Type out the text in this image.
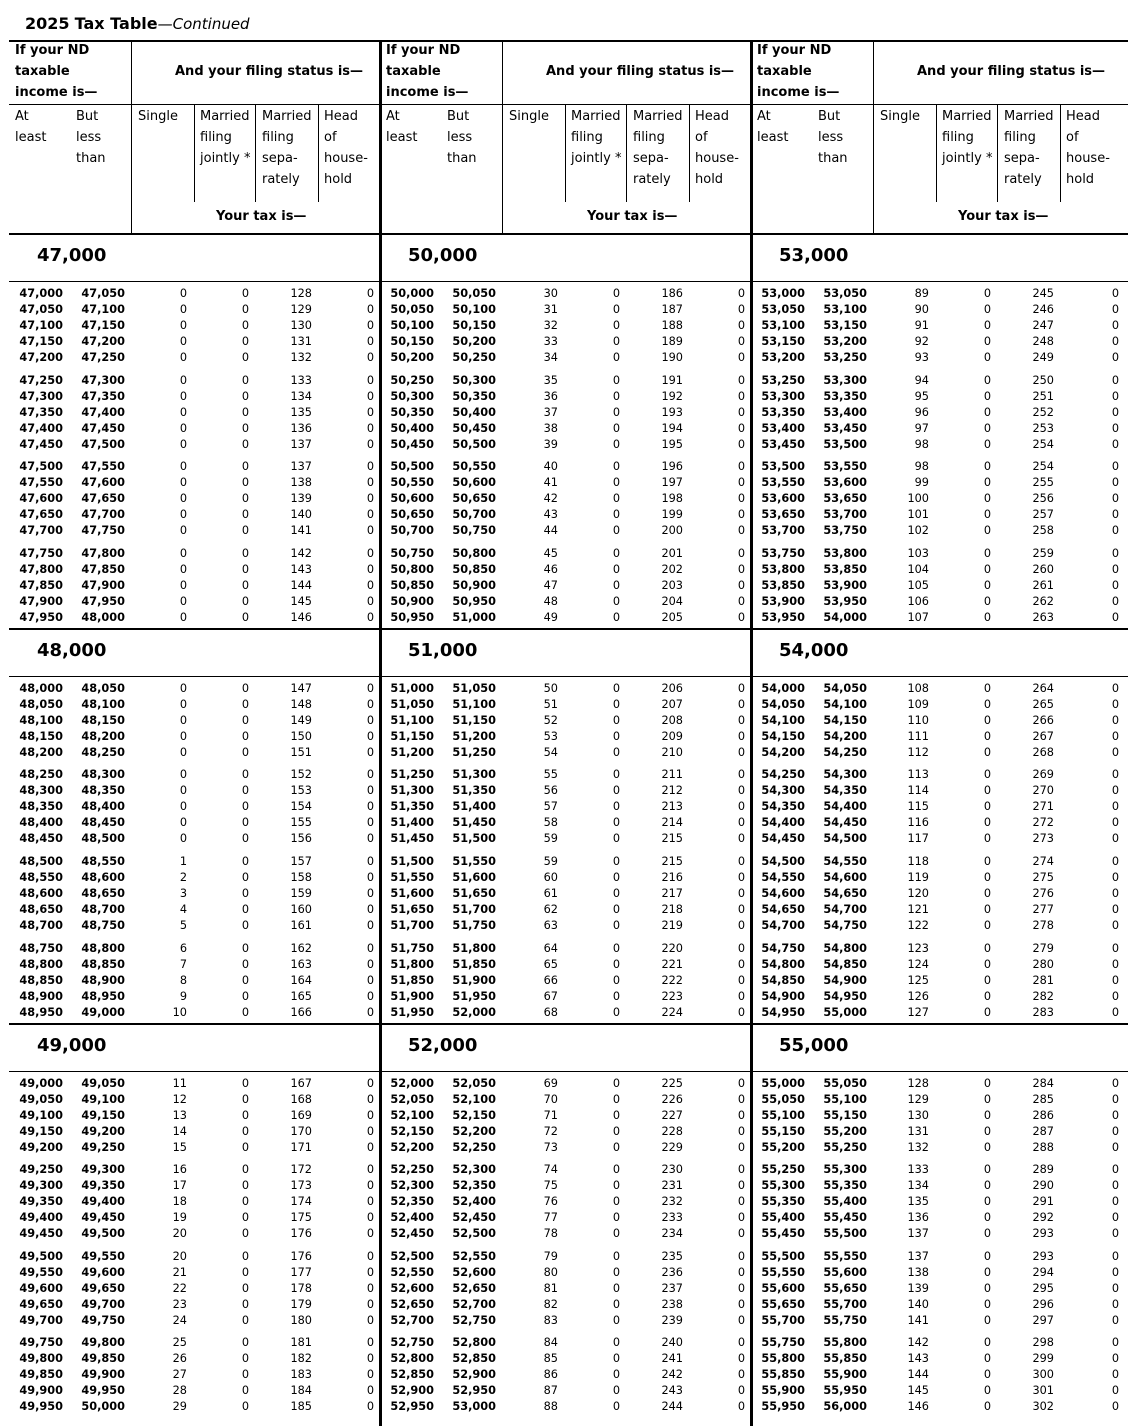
2025 Tax Table—Continued
If your ND
taxable
income is—
And your filing status is—
At
least
But
less
than
Single Married
filing
jointly *
Married
filing
sepa-
rately
Head
of
house-
hold
Your tax is—
47,000
47,000 47,050	0	0	128	0
47,050 47,100	0	0	129	0
47,100 47,150	0	0	130	0
47,150 47,200	0	0	131	0
47,200 47,250	0	0	132	0
47,250 47,300	0	0	133	0
47,300 47,350	0	0	134	0
47,350 47,400	0	0	135	0
47,400 47,450	0	0	136	0
47,450 47,500	0	0	137	0
47,500 47,550	0	0	137	0
47,550 47,600	0	0	138	0
47,600 47,650	0	0	139	0
47,650 47,700	0	0	140	0
47,700 47,750	0	0	141	0
47,750 47,800	0	0	142	0
47,800 47,850	0	0	143	0
47,850 47,900	0	0	144	0
47,900 47,950	0	0	145	0
47,950 48,000	0	0	146	0
48,000
48,000 48,050	0	0	147	0
48,050 48,100	0	0	148	0
48,100 48,150	0	0	149	0
48,150 48,200	0	0	150	0
48,200 48,250	0	0	151	0
48,250 48,300	0	0	152	0
48,300 48,350	0	0	153	0
48,350 48,400	0	0	154	0
48,400 48,450	0	0	155	0
48,450 48,500	0	0	156	0
48,500 48,550	1	0	157	0
48,550 48,600	2	0	158	0
48,600 48,650	3	0	159	0
48,650 48,700	4	0	160	0
48,700 48,750	5	0	161	0
48,750 48,800	6	0	162	0
48,800 48,850	7	0	163	0
48,850 48,900	8	0	164	0
48,900 48,950	9	0	165	0
48,950 49,000	10	0	166	0
49,000
49,000 49,050	11	0	167	0
49,050 49,100	12	0	168	0
49,100 49,150	13	0	169	0
49,150 49,200	14	0	170	0
49,200 49,250	15	0	171	0
49,250 49,300	16	0	172	0
49,300 49,350	17	0	173	0
49,350 49,400	18	0	174	0
49,400 49,450	19	0	175	0
49,450 49,500	20	0	176	0
49,500 49,550	20	0	176	0
49,550 49,600	21	0	177	0
49,600 49,650	22	0	178	0
49,650 49,700	23	0	179	0
49,700 49,750	24	0	180	0
49,750 49,800	25	0	181	0
49,800 49,850	26	0	182	0
49,850 49,900	27	0	183	0
49,900 49,950	28	0	184	0
49,950 50,000	29	0	185	0
If your ND
taxable
income is—
And your filing status is—
At
least
But
less
than
Single Married
filing
jointly *
Married
filing
sepa-
rately
Head
of
house-
hold
Your tax is—
50,000
50,000 50,050	30	0	186	0
50,050 50,100	31	0	187	0
50,100 50,150	32	0	188	0
50,150 50,200	33	0	189	0
50,200 50,250	34	0	190	0
50,250 50,300	35	0	191	0
50,300 50,350	36	0	192	0
50,350 50,400	37	0	193	0
50,400 50,450	38	0	194	0
50,450 50,500	39	0	195	0
50,500 50,550	40	0	196	0
50,550 50,600	41	0	197	0
50,600 50,650	42	0	198	0
50,650 50,700	43	0	199	0
50,700 50,750	44	0	200	0
50,750 50,800	45	0	201	0
50,800 50,850	46	0	202	0
50,850 50,900	47	0	203	0
50,900 50,950	48	0	204	0
50,950 51,000	49	0	205	0
51,000
51,000 51,050	50	0	206	0
51,050 51,100	51	0	207	0
51,100 51,150	52	0	208	0
51,150 51,200	53	0	209	0
51,200 51,250	54	0	210	0
51,250 51,300	55	0	211	0
51,300 51,350	56	0	212	0
51,350 51,400	57	0	213	0
51,400 51,450	58	0	214	0
51,450 51,500	59	0	215	0
51,500 51,550	59	0	215	0
51,550 51,600	60	0	216	0
51,600 51,650	61	0	217	0
51,650 51,700	62	0	218	0
51,700 51,750	63	0	219	0
51,750 51,800	64	0	220	0
51,800 51,850	65	0	221	0
51,850 51,900	66	0	222	0
51,900 51,950	67	0	223	0
51,950 52,000	68	0	224	0
52,000
52,000 52,050	69	0	225	0
52,050 52,100	70	0	226	0
52,100 52,150	71	0	227	0
52,150 52,200	72	0	228	0
52,200 52,250	73	0	229	0
52,250 52,300	74	0	230	0
52,300 52,350	75	0	231	0
52,350 52,400	76	0	232	0
52,400 52,450	77	0	233	0
52,450 52,500	78	0	234	0
52,500 52,550	79	0	235	0
52,550 52,600	80	0	236	0
52,600 52,650	81	0	237	0
52,650 52,700	82	0	238	0
52,700 52,750	83	0	239	0
52,750 52,800	84	0	240	0
52,800 52,850	85	0	241	0
52,850 52,900	86	0	242	0
52,900 52,950	87	0	243	0
52,950 53,000	88	0	244	0
If your ND
taxable
income is—
And your filing status is—
At
least
But
less
than
Single Married
filing
jointly *
Married
filing
sepa-
rately
Head
of
house-
hold
Your tax is—
53,000
53,000 53,050	89	0	245	0
53,050 53,100	90	0	246	0
53,100 53,150	91	0	247	0
53,150 53,200	92	0	248	0
53,200 53,250	93	0	249	0
53,250 53,300	94	0	250	0
53,300 53,350	95	0	251	0
53,350 53,400	96	0	252	0
53,400 53,450	97	0	253	0
53,450 53,500	98	0	254	0
53,500 53,550	98	0	254	0
53,550 53,600	99	0	255	0
53,600 53,650	100	0	256	0
53,650 53,700	101	0	257	0
53,700 53,750	102	0	258	0
53,750 53,800	103	0	259	0
53,800 53,850	104	0	260	0
53,850 53,900	105	0	261	0
53,900 53,950	106	0	262	0
53,950 54,000	107	0	263	0
54,000
54,000 54,050	108	0	264	0
54,050 54,100	109	0	265	0
54,100 54,150	110	0	266	0
54,150 54,200	111	0	267	0
54,200 54,250	112	0	268	0
54,250 54,300	113	0	269	0
54,300 54,350	114	0	270	0
54,350 54,400	115	0	271	0
54,400 54,450	116	0	272	0
54,450 54,500	117	0	273	0
54,500 54,550	118	0	274	0
54,550 54,600	119	0	275	0
54,600 54,650	120	0	276	0
54,650 54,700	121	0	277	0
54,700 54,750	122	0	278	0
54,750 54,800	123	0	279	0
54,800 54,850	124	0	280	0
54,850 54,900	125	0	281	0
54,900 54,950	126	0	282	0
54,950 55,000	127	0	283	0
55,000
55,000 55,050	128	0	284	0
55,050 55,100	129	0	285	0
55,100 55,150	130	0	286	0
55,150 55,200	131	0	287	0
55,200 55,250	132	0	288	0
55,250 55,300	133	0	289	0
55,300 55,350	134	0	290	0
55,350 55,400	135	0	291	0
55,400 55,450	136	0	292	0
55,450 55,500	137	0	293	0
55,500 55,550	137	0	293	0
55,550 55,600	138	0	294	0
55,600 55,650	139	0	295	0
55,650 55,700	140	0	296	0
55,700 55,750	141	0	297	0
55,750 55,800	142	0	298	0
55,800 55,850	143	0	299	0
55,850 55,900	144	0	300	0
55,900 55,950	145	0	301	0
55,950 56,000	146	0	302	0
